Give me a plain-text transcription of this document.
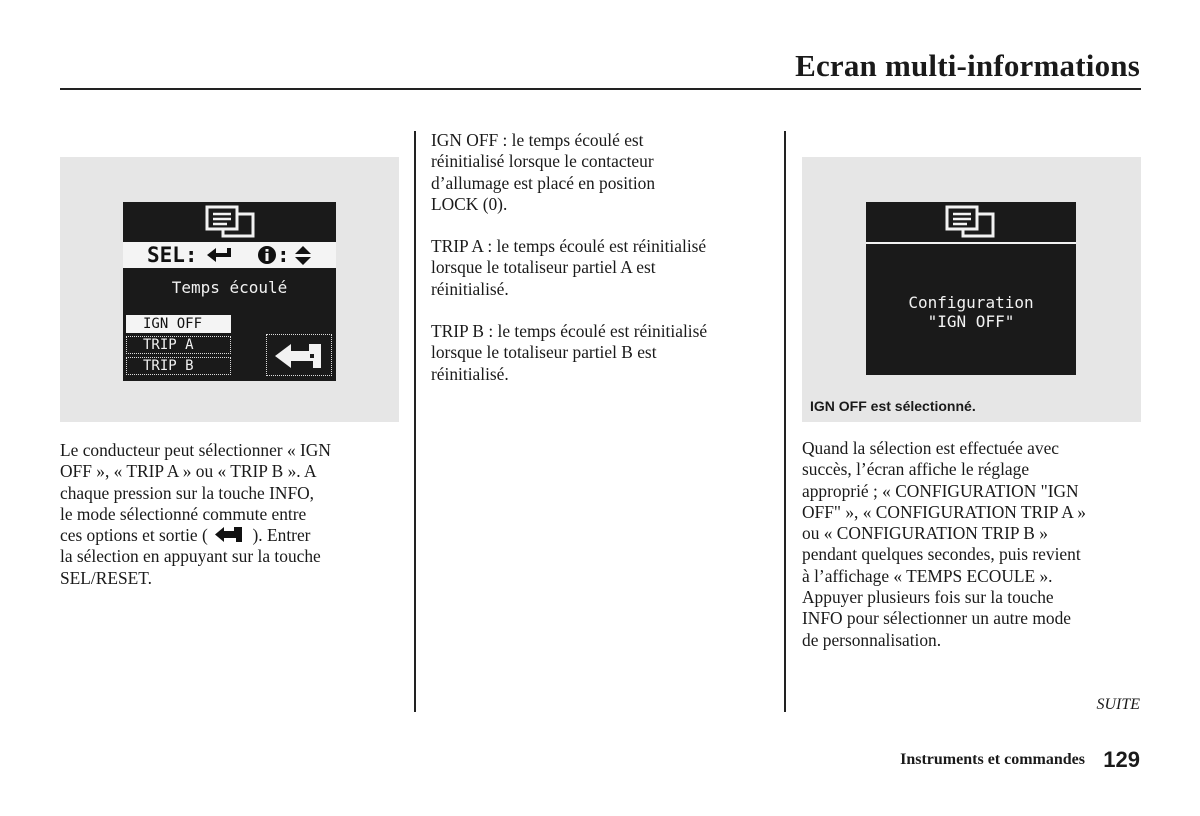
Ecran multi-informations
SEL:	:
Temps écoulé
IGN OFF
TRIP A
TRIP B
Le conducteur peut sélectionner « IGN
OFF », « TRIP A » ou « TRIP B ». A
chaque pression sur la touche INFO,
le mode sélectionné commute entre
ces options et sortie (	). Entrer
la sélection en appuyant sur la touche
SEL/RESET.
IGN OFF : le temps écoulé est
réinitialisé lorsque le contacteur
d’allumage est placé en position
LOCK (0).
TRIP A : le temps écoulé est réinitialisé
lorsque le totaliseur partiel A est
réinitialisé.
TRIP B : le temps écoulé est réinitialisé
lorsque le totaliseur partiel B est
réinitialisé.
Configuration
"IGN OFF"
IGN OFF est sélectionné.
Quand la sélection est effectuée avec
succès, l’écran affiche le réglage
approprié ; « CONFIGURATION "IGN
OFF" », « CONFIGURATION TRIP A »
ou « CONFIGURATION TRIP B »
pendant quelques secondes, puis revient
à l’affichage « TEMPS ECOULE ».
Appuyer plusieurs fois sur la touche
INFO pour sélectionner un autre mode
de personnalisation.
SUITE
Instruments et commandes 129
